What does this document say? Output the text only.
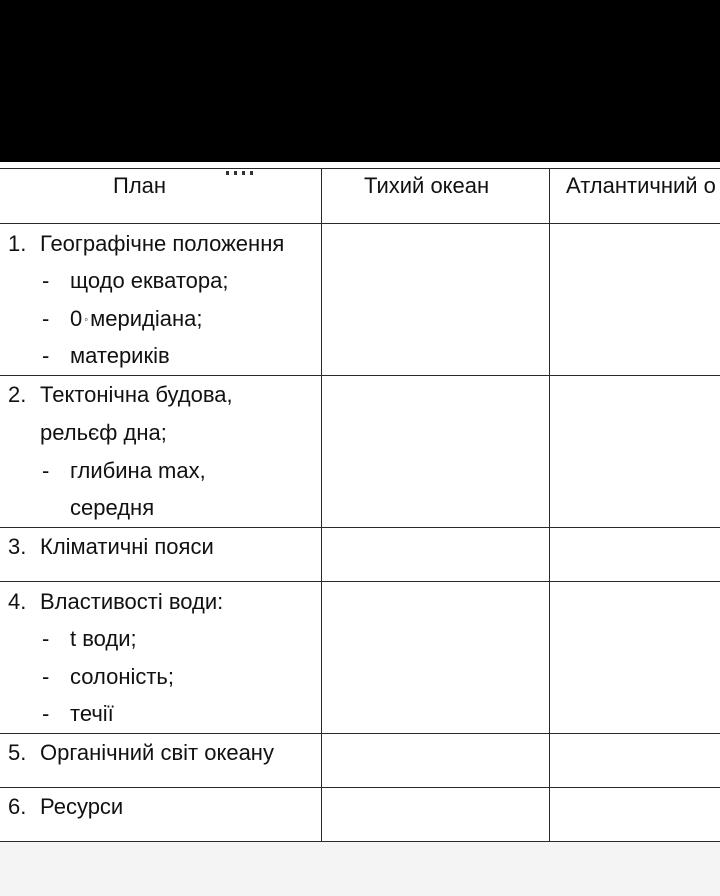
План	Тихий океан	Атлантичний о
1. Географічне положення
- щодо екватора;
- 0 ◦меридіана;
- материків
2. Тектонічна будова,
рельєф дна;
- глибина max,
середня
3. Кліматичні пояси
4. Властивості води:
- t води;
- солоність;
- течії
5. Органічний світ океану
6. Ресурси
